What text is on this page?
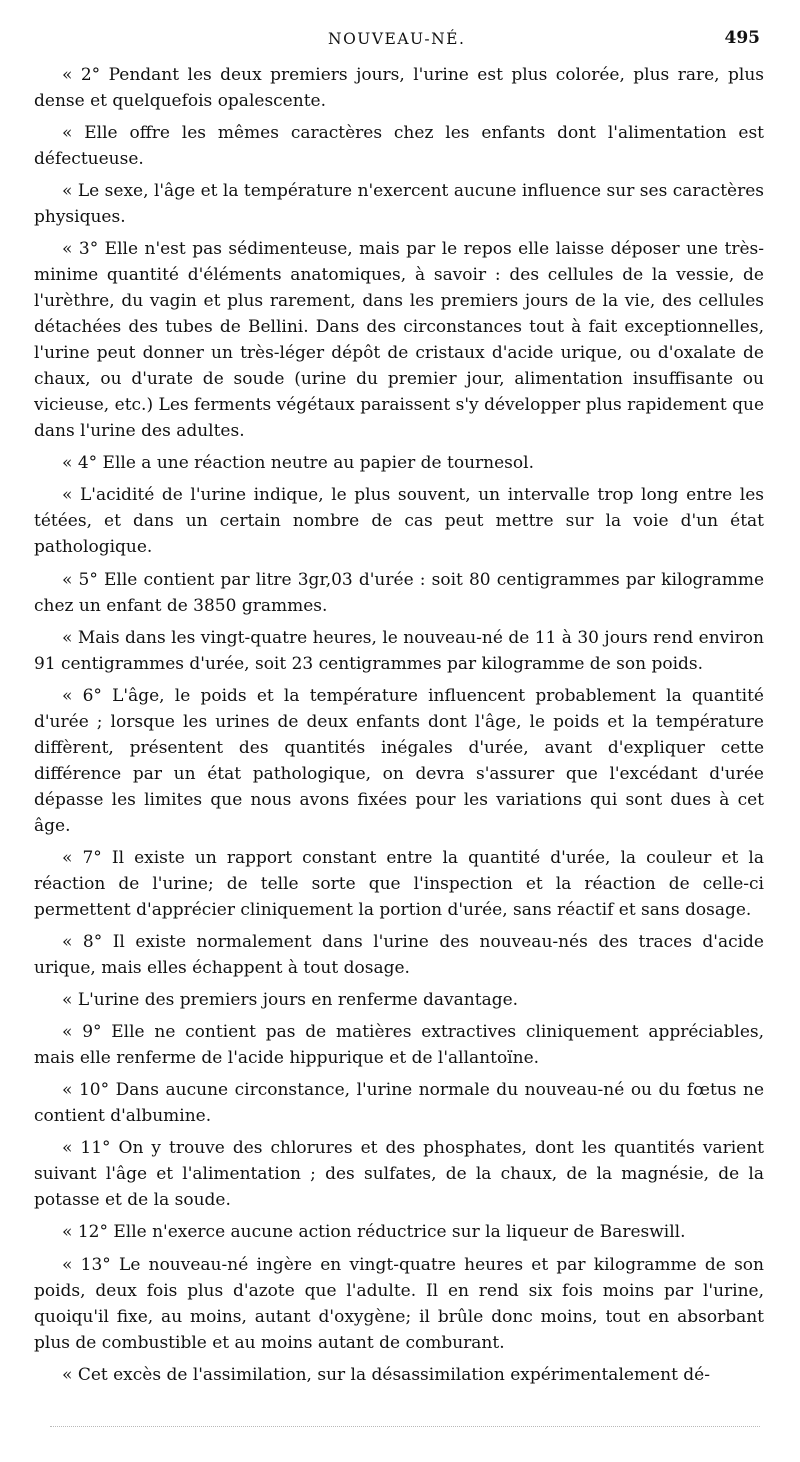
NOUVEAU-NÉ.	495

« 2° Pendant les deux premiers jours, l'urine est plus colorée, plus rare, plus dense et quelquefois opalescente.

« Elle offre les mêmes caractères chez les enfants dont l'alimentation est défectueuse.

« Le sexe, l'âge et la température n'exercent aucune influence sur ses caractères physiques.

« 3° Elle n'est pas sédimenteuse, mais par le repos elle laisse déposer une très-minime quantité d'éléments anatomiques, à savoir : des cellules de la vessie, de l'urèthre, du vagin et plus rarement, dans les premiers jours de la vie, des cellules détachées des tubes de Bellini. Dans des circonstances tout à fait exceptionnelles, l'urine peut donner un très-léger dépôt de cristaux d'acide urique, ou d'oxalate de chaux, ou d'urate de soude (urine du premier jour, alimentation insuffisante ou vicieuse, etc.) Les ferments végétaux paraissent s'y développer plus rapidement que dans l'urine des adultes.

« 4° Elle a une réaction neutre au papier de tournesol.

« L'acidité de l'urine indique, le plus souvent, un intervalle trop long entre les tétées, et dans un certain nombre de cas peut mettre sur la voie d'un état pathologique.

« 5° Elle contient par litre 3gr,03 d'urée : soit 80 centigrammes par kilogramme chez un enfant de 3850 grammes.

« Mais dans les vingt-quatre heures, le nouveau-né de 11 à 30 jours rend environ 91 centigrammes d'urée, soit 23 centigrammes par kilogramme de son poids.

« 6° L'âge, le poids et la température influencent probablement la quantité d'urée ; lorsque les urines de deux enfants dont l'âge, le poids et la température diffèrent, présentent des quantités inégales d'urée, avant d'expliquer cette différence par un état pathologique, on devra s'assurer que l'excédant d'urée dépasse les limites que nous avons fixées pour les variations qui sont dues à cet âge.

« 7° Il existe un rapport constant entre la quantité d'urée, la couleur et la réaction de l'urine; de telle sorte que l'inspection et la réaction de celle-ci permettent d'apprécier cliniquement la portion d'urée, sans réactif et sans dosage.

« 8° Il existe normalement dans l'urine des nouveau-nés des traces d'acide urique, mais elles échappent à tout dosage.

« L'urine des premiers jours en renferme davantage.

« 9° Elle ne contient pas de matières extractives cliniquement appréciables, mais elle renferme de l'acide hippurique et de l'allantoïne.

« 10° Dans aucune circonstance, l'urine normale du nouveau-né ou du fœtus ne contient d'albumine.

« 11° On y trouve des chlorures et des phosphates, dont les quantités varient suivant l'âge et l'alimentation ; des sulfates, de la chaux, de la magnésie, de la potasse et de la soude.

« 12° Elle n'exerce aucune action réductrice sur la liqueur de Bareswill.

« 13° Le nouveau-né ingère en vingt-quatre heures et par kilogramme de son poids, deux fois plus d'azote que l'adulte. Il en rend six fois moins par l'urine, quoiqu'il fixe, au moins, autant d'oxygène; il brûle donc moins, tout en absorbant plus de combustible et au moins autant de comburant.

« Cet excès de l'assimilation, sur la désassimilation expérimentalement dé-
